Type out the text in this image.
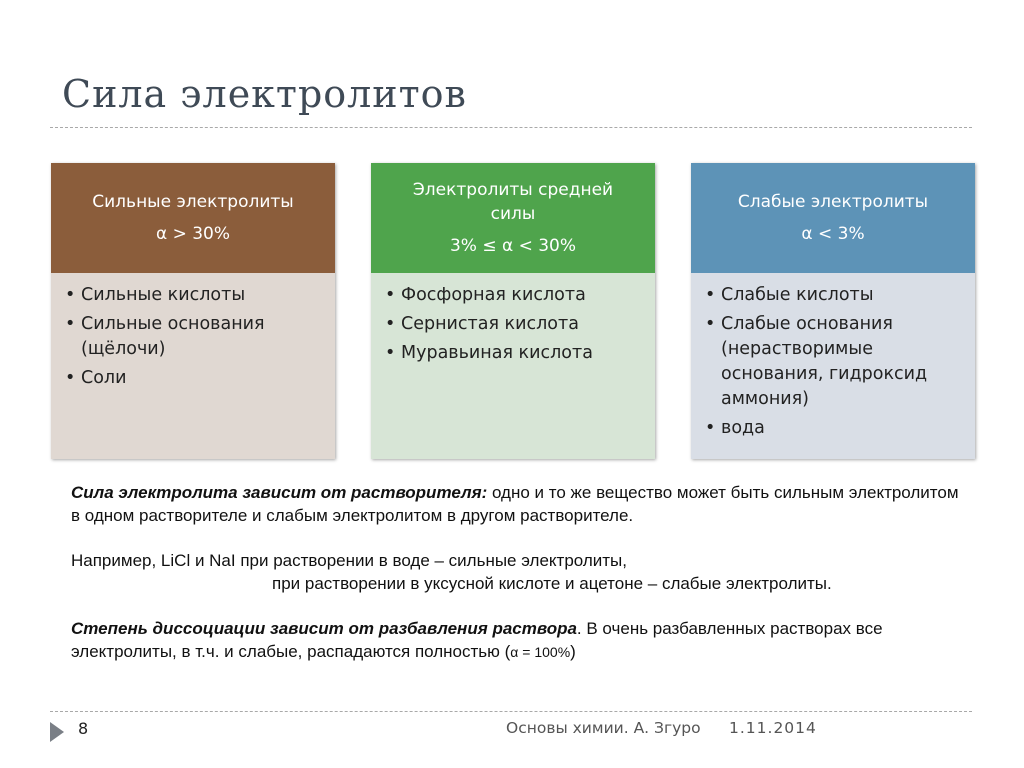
Сила электролитов
Сильные электролиты
α > 30%
• Сильные кислоты
• Сильные основания (щёлочи)
• Соли
Электролиты средней силы
3% ≤ α < 30%
• Фосфорная кислота
• Сернистая кислота
• Муравьиная кислота
Слабые электролиты
α < 3%
• Слабые кислоты
• Слабые основания (нерастворимые основания, гидроксид аммония)
• вода

Сила электролита зависит от растворителя: одно и то же вещество может быть сильным электролитом в одном растворителе и слабым электролитом в другом растворителе.

Например, LiCl и NaI при растворении в воде – сильные электролиты,

при растворении в уксусной кислоте и ацетоне – слабые электролиты.

Степень диссоциации зависит от разбавления раствора. В очень разбавленных растворах все электролиты, в т.ч. и слабые, распадаются полностью (α = 100%)

8	Основы химии. А. Згуро 1.11.2014
